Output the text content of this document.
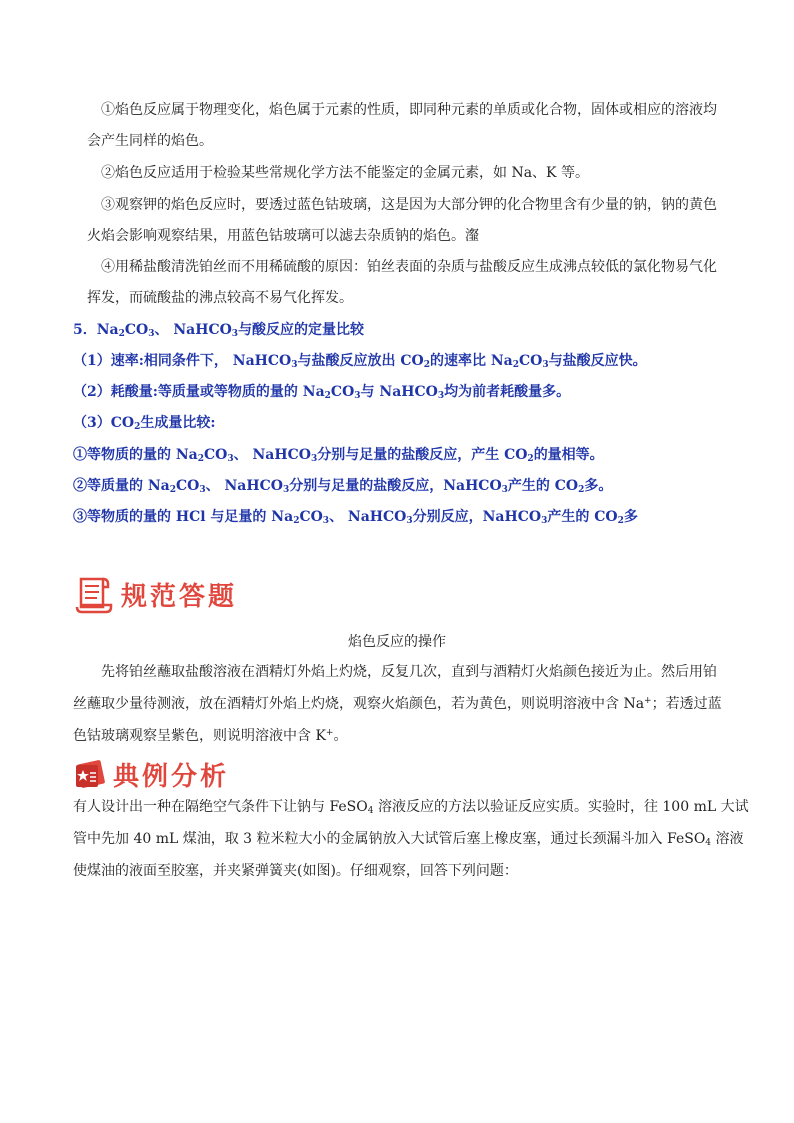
①焰色反应属于物理变化，焰色属于元素的性质，即同种元素的单质或化合物，固体或相应的溶液均
会产生同样的焰色。
②焰色反应适用于检验某些常规化学方法不能鉴定的金属元素，如 Na、K 等。
③观察钾的焰色反应时，要透过蓝色钴玻璃，这是因为大部分钾的化合物里含有少量的钠，钠的黄色
火焰会影响观察结果，用蓝色钴玻璃可以滤去杂质钠的焰色。瀣
④用稀盐酸清洗铂丝而不用稀硫酸的原因：铂丝表面的杂质与盐酸反应生成沸点较低的氯化物易气化
挥发，而硫酸盐的沸点较高不易气化挥发。
5．$Na_2CO_3$、 NaHCO$_3$与酸反应的定量比较
（1）速率:相同条件下， NaHCO$_3$与盐酸反应放出 $CO_2$的速率比 $Na_2CO_3$与盐酸反应快。
（2）耗酸量:等质量或等物质的量的 $Na_2CO_3$与 NaHCO$_3$均为前者耗酸量多。
$(3)CO_2$生成量比较:
①等物质的量的 $Na_2CO_3$、 NaHCO$_3$分别与足量的盐酸反应，产生 $CO_2$的量相等。
②等质量的 $Na_2CO_3$、 NaHCO$_3$分别与足量的盐酸反应，NaHCO$_3$产生的 $CO_2$多。
③等物质的量的 HCl 与足量的 $Na_2CO_3$、 NaHCO$_3$分别反应，NaHCO$_3$产生的 $CO_2$多
规范答题
焰色反应的操作
先将铂丝蘸取盐酸溶液在酒精灯外焰上灼烧，反复几次，直到与酒精灯火焰颜色接近为止。然后用铂
丝蘸取少量待测液，放在酒精灯外焰上灼烧，观察火焰颜色，若为黄色，则说明溶液中含 Na+；若透过蓝
色钴玻璃观察呈紫色，则说明溶液中含 K+。
典例分析
有人设计出一种在隔绝空气条件下让钠与 FeSO$_4$ 溶液反应的方法以验证反应实质。实验时，往 100 mL 大试
管中先加 40 mL 煤油，取 3 粒米粒大小的金属钠放入大试管后塞上橡皮塞，通过长颈漏斗加入 FeSO$_4$ 溶液
使煤油的液面至胶塞，并夹紧弹簧夹(如图)。仔细观察，回答下列问题：
